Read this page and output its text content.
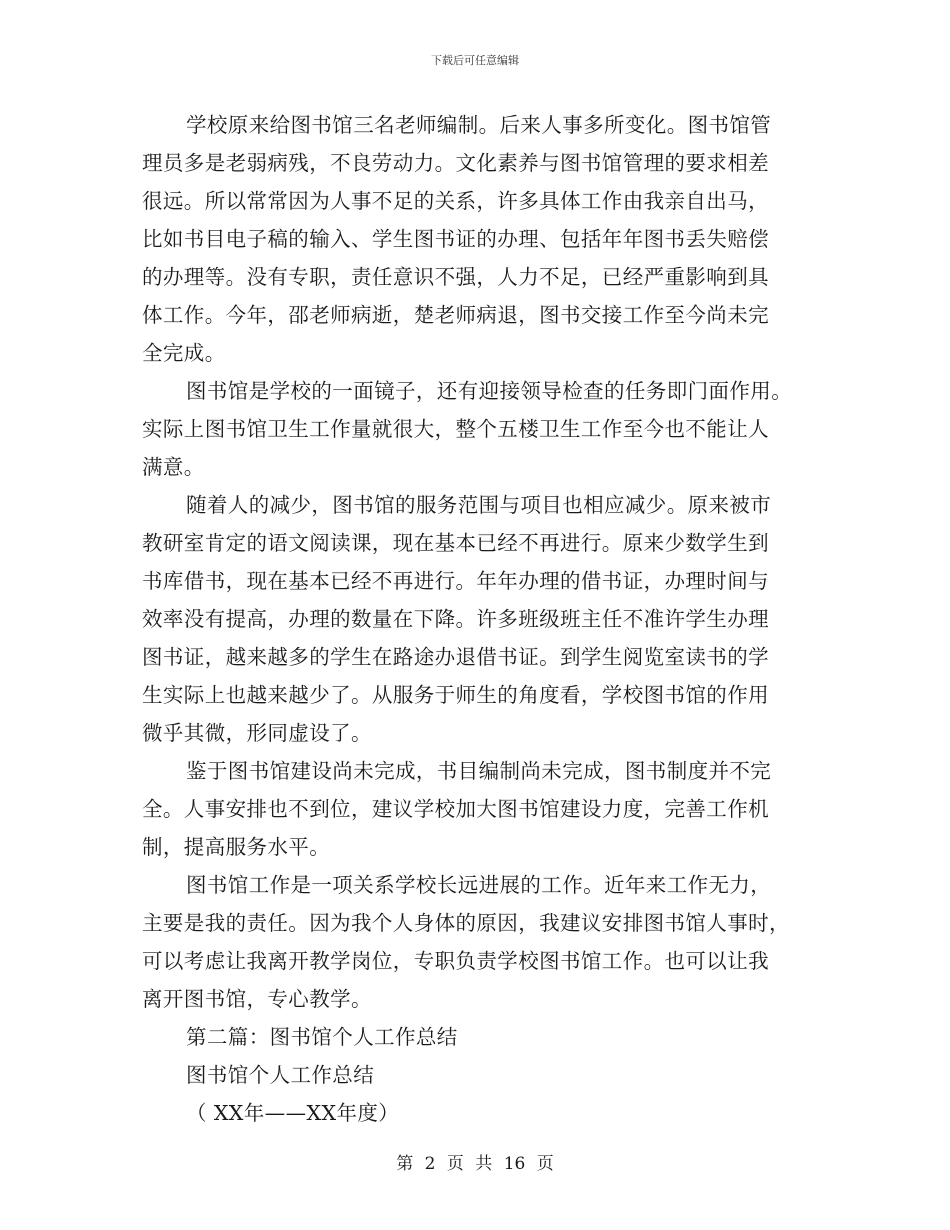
下载后可任意编辑
学校原来给图书馆三名老师编制。后来人事多所变化。图书馆管
理员多是老弱病残，不良劳动力。文化素养与图书馆管理的要求相差
很远。所以常常因为人事不足的关系，许多具体工作由我亲自出马，
比如书目电子稿的输入、学生图书证的办理、包括年年图书丢失赔偿
的办理等。没有专职，责任意识不强，人力不足，已经严重影响到具
体工作。今年，邵老师病逝，楚老师病退，图书交接工作至今尚未完
全完成。
图书馆是学校的一面镜子，还有迎接领导检查的任务即门面作用。
实际上图书馆卫生工作量就很大，整个五楼卫生工作至今也不能让人
满意。
随着人的减少，图书馆的服务范围与项目也相应减少。原来被市
教研室肯定的语文阅读课，现在基本已经不再进行。原来少数学生到
书库借书，现在基本已经不再进行。年年办理的借书证，办理时间与
效率没有提高，办理的数量在下降。许多班级班主任不准许学生办理
图书证，越来越多的学生在路途办退借书证。到学生阅览室读书的学
生实际上也越来越少了。从服务于师生的角度看，学校图书馆的作用
微乎其微，形同虚设了。
鉴于图书馆建设尚未完成，书目编制尚未完成，图书制度并不完
全。人事安排也不到位，建议学校加大图书馆建设力度，完善工作机
制，提高服务水平。
图书馆工作是一项关系学校长远进展的工作。近年来工作无力，
主要是我的责任。因为我个人身体的原因，我建议安排图书馆人事时，
可以考虑让我离开教学岗位，专职负责学校图书馆工作。也可以让我
离开图书馆，专心教学。
第二篇：图书馆个人工作总结
图书馆个人工作总结
（ XX年——XX年度）
第 2 页 共 16 页
